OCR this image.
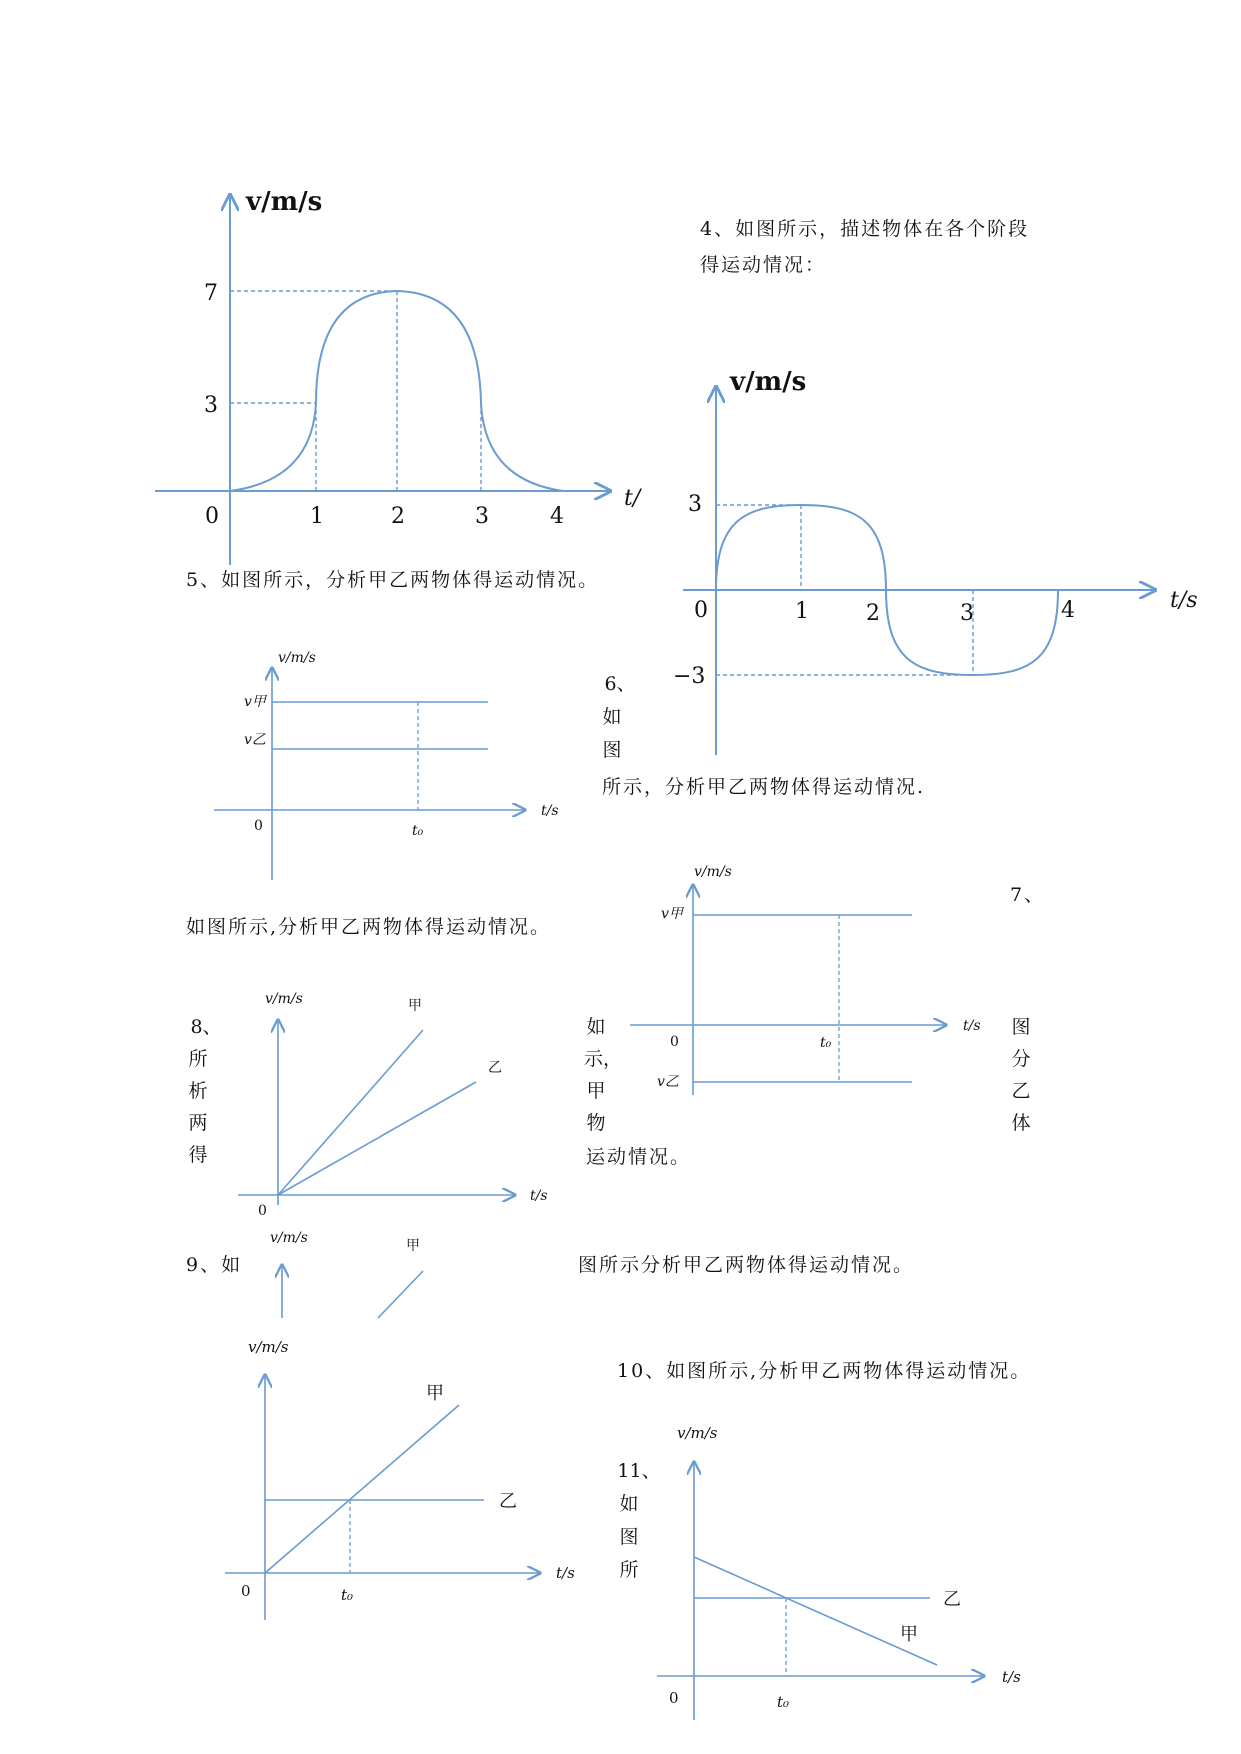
4、如图所示，描述物体在各个阶段
得运动情况：
5、如图所示，分析甲乙两物体得运动情况。
6、
如
图
所示，分析甲乙两物体得运动情况.
7、
如图所示,分析甲乙两物体得运动情况。
8、
所
析
两
得
如
示，
甲
物
运动情况。
图
分
乙
体
9、如	图所示分析甲乙两物体得运动情况。
10、如图所示,分析甲乙两物体得运动情况。
11、
如
图
所
v/m/s
7
3
0	1	2	3	4
t/
v/m/s
3
−3
0	1	2	3	4	t/s
v/m/s
v甲
v乙
0	t₀
t/s
v/m/s
v甲
v乙
0	t₀
t/s
v/m/s	甲
乙
0
t/s
v/m/s	甲
v/m/s
甲
乙
0	t₀
t/s
v/m/s
乙
甲
0	t₀
t/s
